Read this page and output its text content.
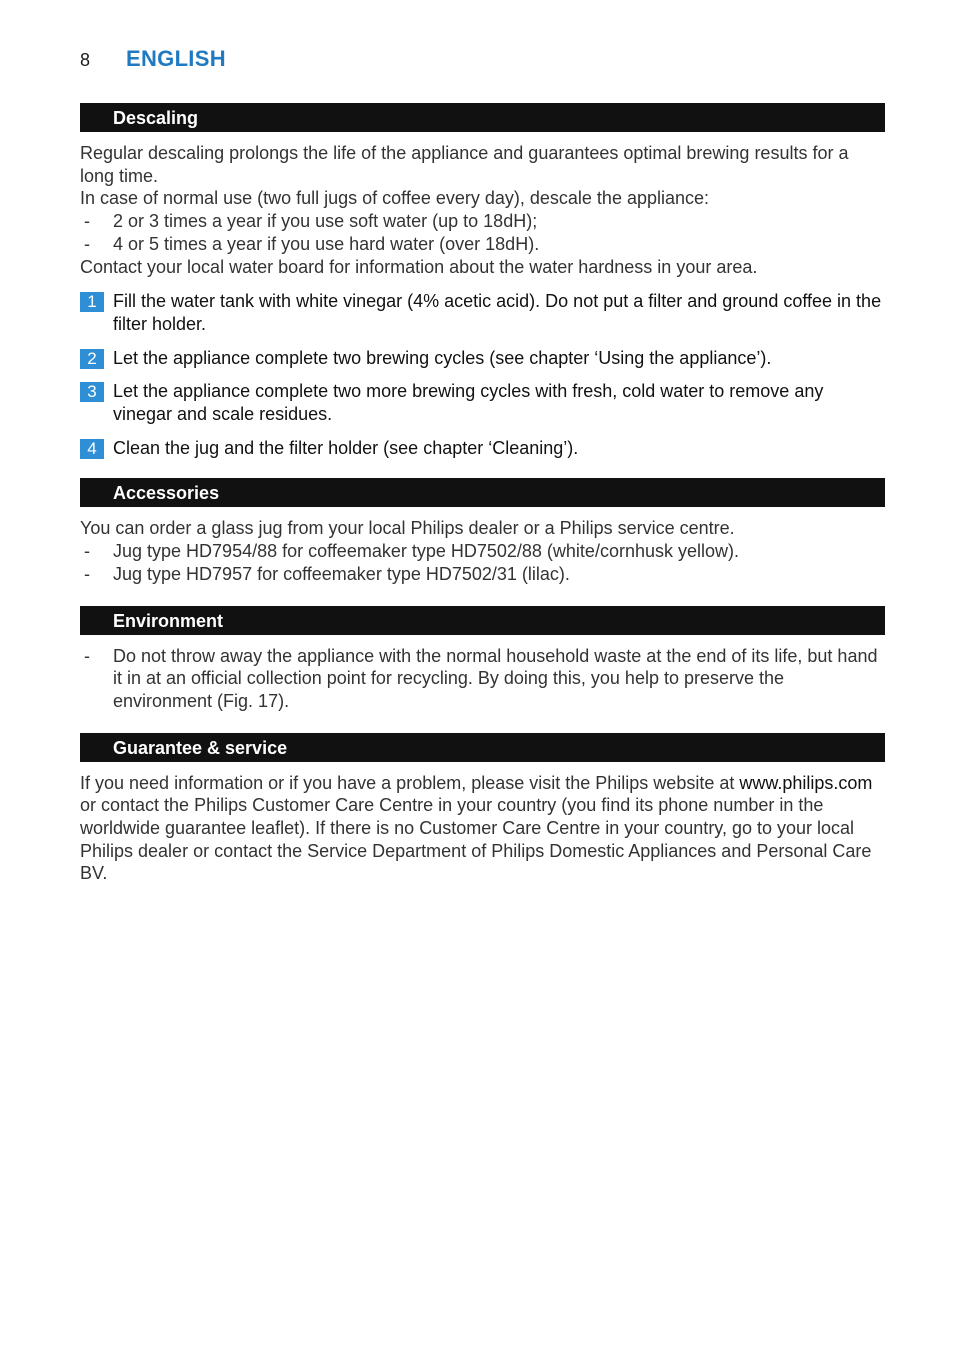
8	ENGLISH
Descaling

Regular descaling prolongs the life of the appliance and guarantees optimal brewing results for a long time.

In case of normal use (two full jugs of coffee every day), descale the appliance:

- 2 or 3 times a year if you use soft water (up to 18dH);
- 4 or 5 times a year if you use hard water (over 18dH).

Contact your local water board for information about the water hardness in your area.

1 Fill the water tank with white vinegar (4% acetic acid). Do not put a filter and ground coffee in the filter holder.
2 Let the appliance complete two brewing cycles (see chapter ‘Using the appliance’).
3 Let the appliance complete two more brewing cycles with fresh, cold water to remove any vinegar and scale residues.
4 Clean the jug and the filter holder (see chapter ‘Cleaning’).
Accessories

You can order a glass jug from your local Philips dealer or a Philips service centre.

- Jug type HD7954/88 for coffeemaker type HD7502/88 (white/cornhusk yellow).
- Jug type HD7957 for coffeemaker type HD7502/31 (lilac).
Environment
- Do not throw away the appliance with the normal household waste at the end of its life, but hand it in at an official collection point for recycling. By doing this, you help to preserve the environment (Fig. 17).
Guarantee & service

If you need information or if you have a problem, please visit the Philips website at www.philips.com or contact the Philips Customer Care Centre in your country (you find its phone number in the worldwide guarantee leaflet). If there is no Customer Care Centre in your country, go to your local Philips dealer or contact the Service Department of Philips Domestic Appliances and Personal Care BV.
